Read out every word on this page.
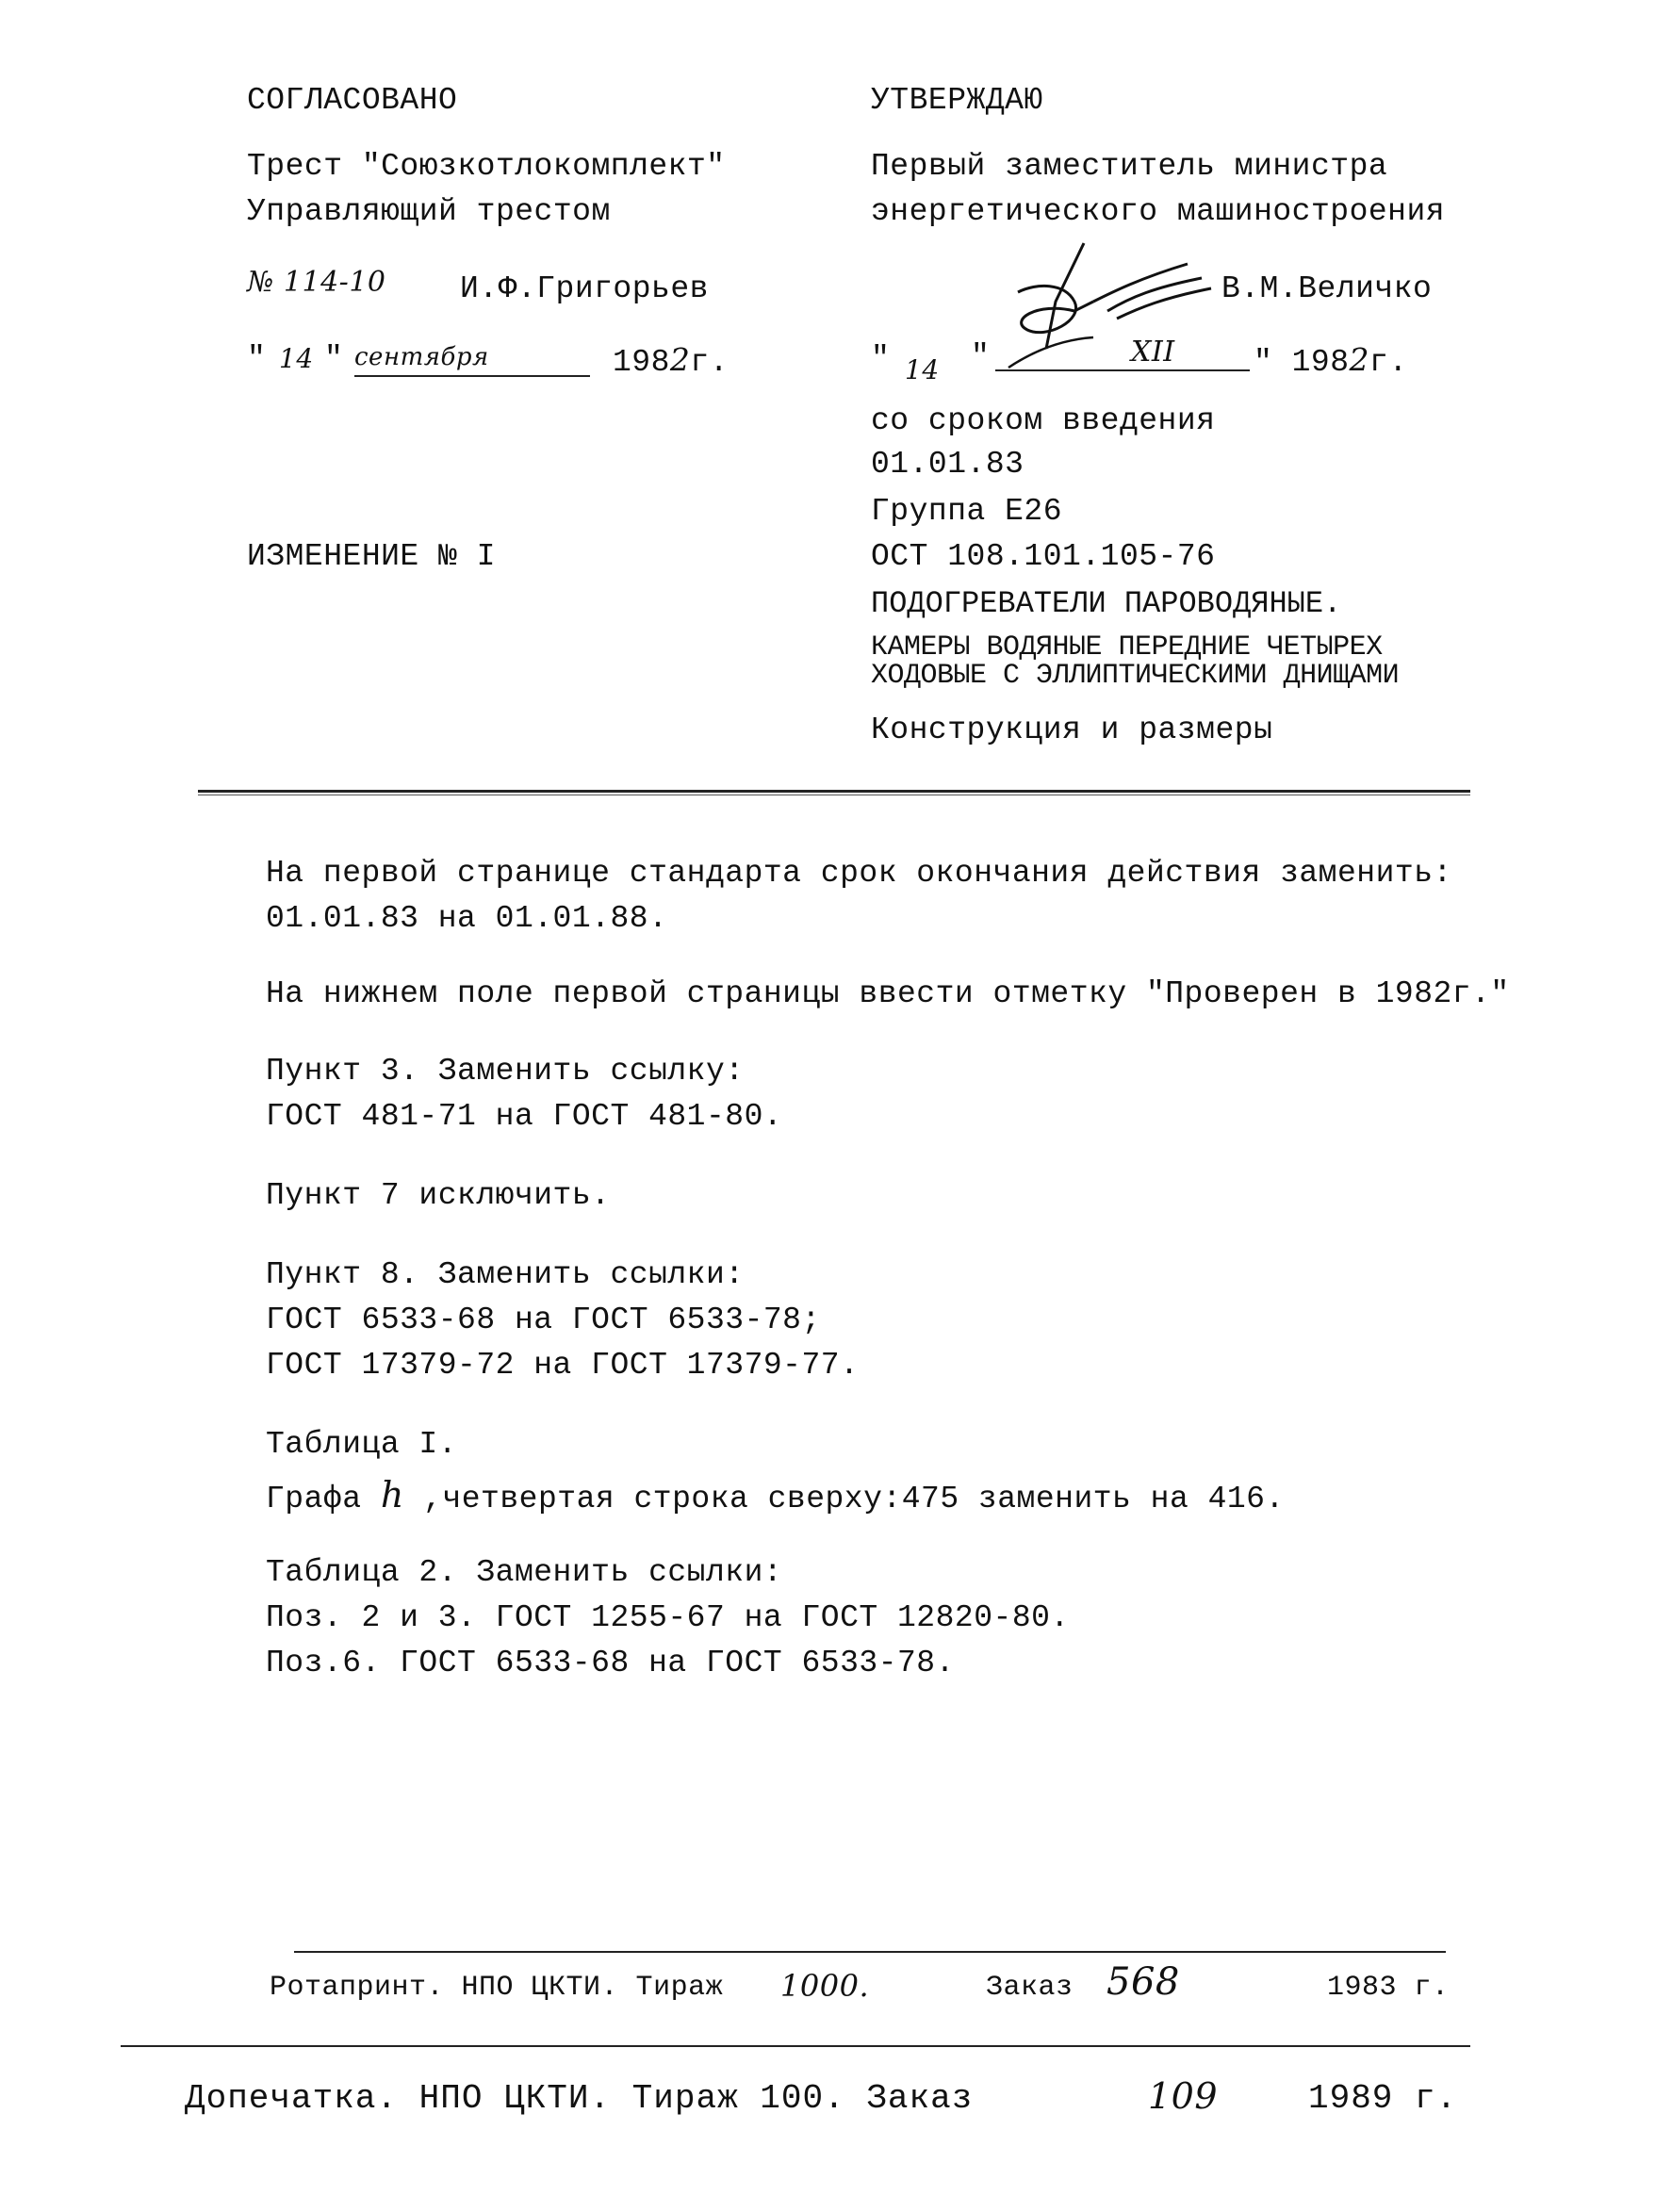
СОГЛАСОВАНО
Трест "Союзкотлокомплект"
Управляющий трестом
№ 114-10 И.Ф.Григорьев
" 14 " сентября	1982г.
ИЗМЕНЕНИЕ № I
УТВЕРЖДАЮ
Первый заместитель министра
энергетического машиностроения
В.М.Величко
" 14 "	XII	" 1982г.
со сроком введения
01.01.83
Группа Е26
ОСТ 108.101.105-76
ПОДОГРЕВАТЕЛИ ПАРОВОДЯНЫЕ.
КАМЕРЫ ВОДЯНЫЕ ПЕРЕДНИЕ ЧЕТЫРЕХ
ХОДОВЫЕ С ЭЛЛИПТИЧЕСКИМИ ДНИЩАМИ
Конструкция и размеры
На первой странице стандарта срок окончания действия заменить:
01.01.83 на 01.01.88.
На нижнем поле первой страницы ввести отметку "Проверен в 1982г."
Пункт 3. Заменить ссылку:
ГОСТ 481-71 на ГОСТ 481-80.
Пункт 7 исключить.
Пункт 8. Заменить ссылки:
ГОСТ 6533-68 на ГОСТ 6533-78;
ГОСТ 17379-72 на ГОСТ 17379-77.
Таблица I.
Графа h ,четвертая строка сверху:475 заменить на 416.
Таблица 2. Заменить ссылки:
Поз. 2 и 3. ГОСТ 1255-67 на ГОСТ 12820-80.
Поз.6. ГОСТ 6533-68 на ГОСТ 6533-78.
Ротапринт. НПО ЦКТИ. Тираж 1000.	Заказ 568	1983 г.
Допечатка. НПО ЦКТИ. Тираж 100. Заказ	109	1989 г.
